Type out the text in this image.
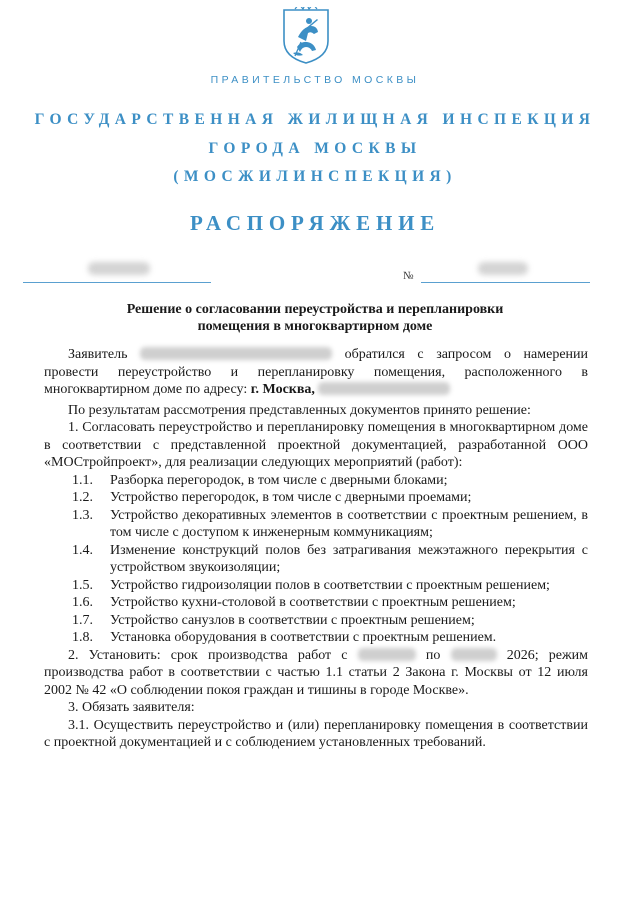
ПРАВИТЕЛЬСТВО МОСКВЫ
ГОСУДАРСТВЕННАЯ ЖИЛИЩНАЯ ИНСПЕКЦИЯ
ГОРОДА МОСКВЫ
(МОСЖИЛИНСПЕКЦИЯ)
РАСПОРЯЖЕНИЕ
№
Решение о согласовании переустройства и перепланировки
помещения в многоквартирном доме

Заявитель	обратился с запросом о намерении провести переустройство и перепланировку помещения, расположенного в многоквартирном доме по адресу: г. Москва,

По результатам рассмотрения представленных документов принято решение:

1. Согласовать переустройство и перепланировку помещения в многоквартирном доме в соответствии с представленной проектной документацией, разработанной ООО «МОСтройпроект», для реализации следующих мероприятий (работ):

1.1.	Разборка перегородок, в том числе с дверными блоками;
1.2.	Устройство перегородок, в том числе с дверными проемами;
1.3.	Устройство декоративных элементов в соответствии с проектным решением, в том числе с доступом к инженерным коммуникациям;
1.4.	Изменение конструкций полов без затрагивания межэтажного перекрытия с устройством звукоизоляции;
1.5.	Устройство гидроизоляции полов в соответствии с проектным решением;
1.6.	Устройство кухни-столовой в соответствии с проектным решением;
1.7.	Устройство санузлов в соответствии с проектным решением;
1.8.	Установка оборудования в соответствии с проектным решением.

2. Установить: срок производства работ с	по	2026; режим производства работ в соответствии с частью 1.1 статьи 2 Закона г. Москвы от 12 июля 2002 № 42 «О соблюдении покоя граждан и тишины в городе Москве».

3. Обязать заявителя:

3.1. Осуществить переустройство и (или) перепланировку помещения в соответствии с проектной документацией и с соблюдением установленных требований.
